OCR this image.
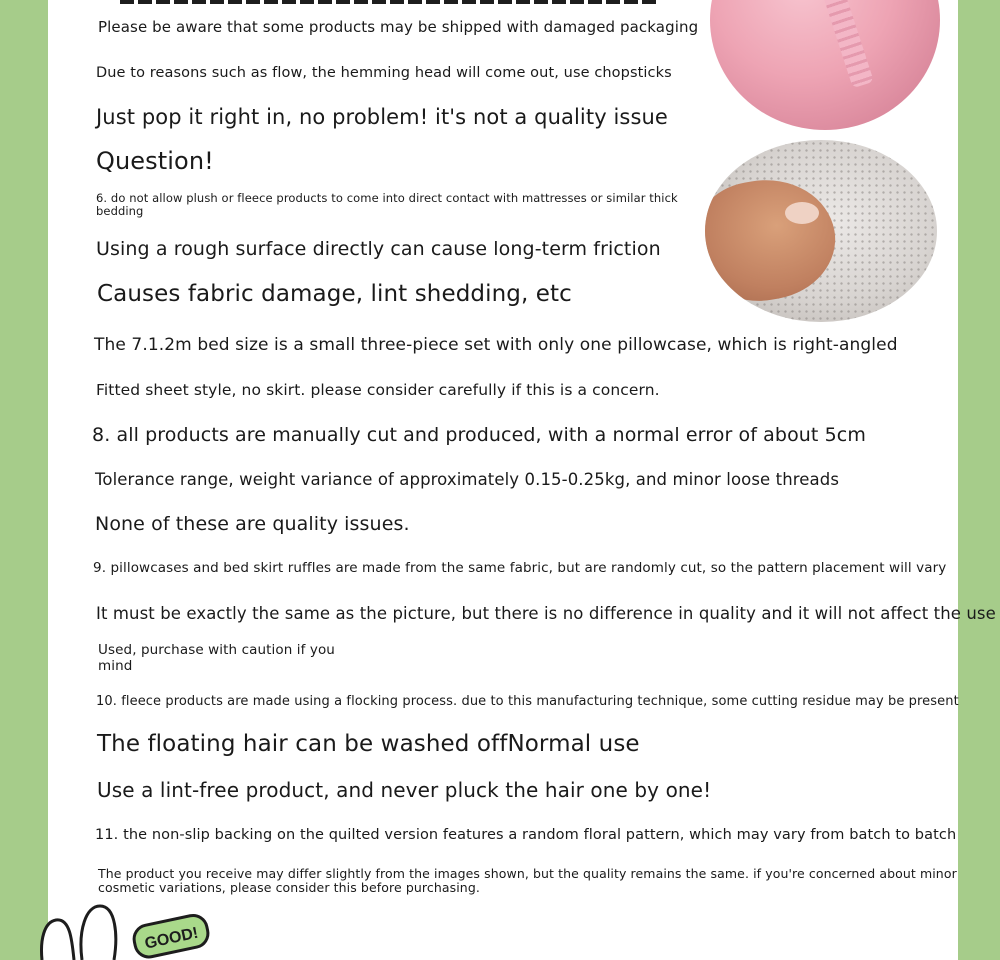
Please be aware that some products may be shipped with damaged packaging
Due to reasons such as flow, the hemming head will come out, use chopsticks
Just pop it right in, no problem! it's not a quality issue
Question!
6. do not allow plush or fleece products to come into direct contact with mattresses or similar thick
bedding
Using a rough surface directly can cause long-term friction
Causes fabric damage, lint shedding, etc
The 7.1.2m bed size is a small three-piece set with only one pillowcase, which is right-angled
Fitted sheet style, no skirt. please consider carefully if this is a concern.
8. all products are manually cut and produced, with a normal error of about 5cm
Tolerance range, weight variance of approximately 0.15-0.25kg, and minor loose threads
None of these are quality issues.
9. pillowcases and bed skirt ruffles are made from the same fabric, but are randomly cut, so the pattern placement will vary
It must be exactly the same as the picture, but there is no difference in quality and it will not affect the use
Used, purchase with caution if you
mind
10. fleece products are made using a flocking process. due to this manufacturing technique, some cutting residue may be present
The floating hair can be washed offNormal use
Use a lint-free product, and never pluck the hair one by one!
11. the non-slip backing on the quilted version features a random floral pattern, which may vary from batch to batch
The product you receive may differ slightly from the images shown, but the quality remains the same. if you're concerned about minor
cosmetic variations, please consider this before purchasing.
GOOD!
